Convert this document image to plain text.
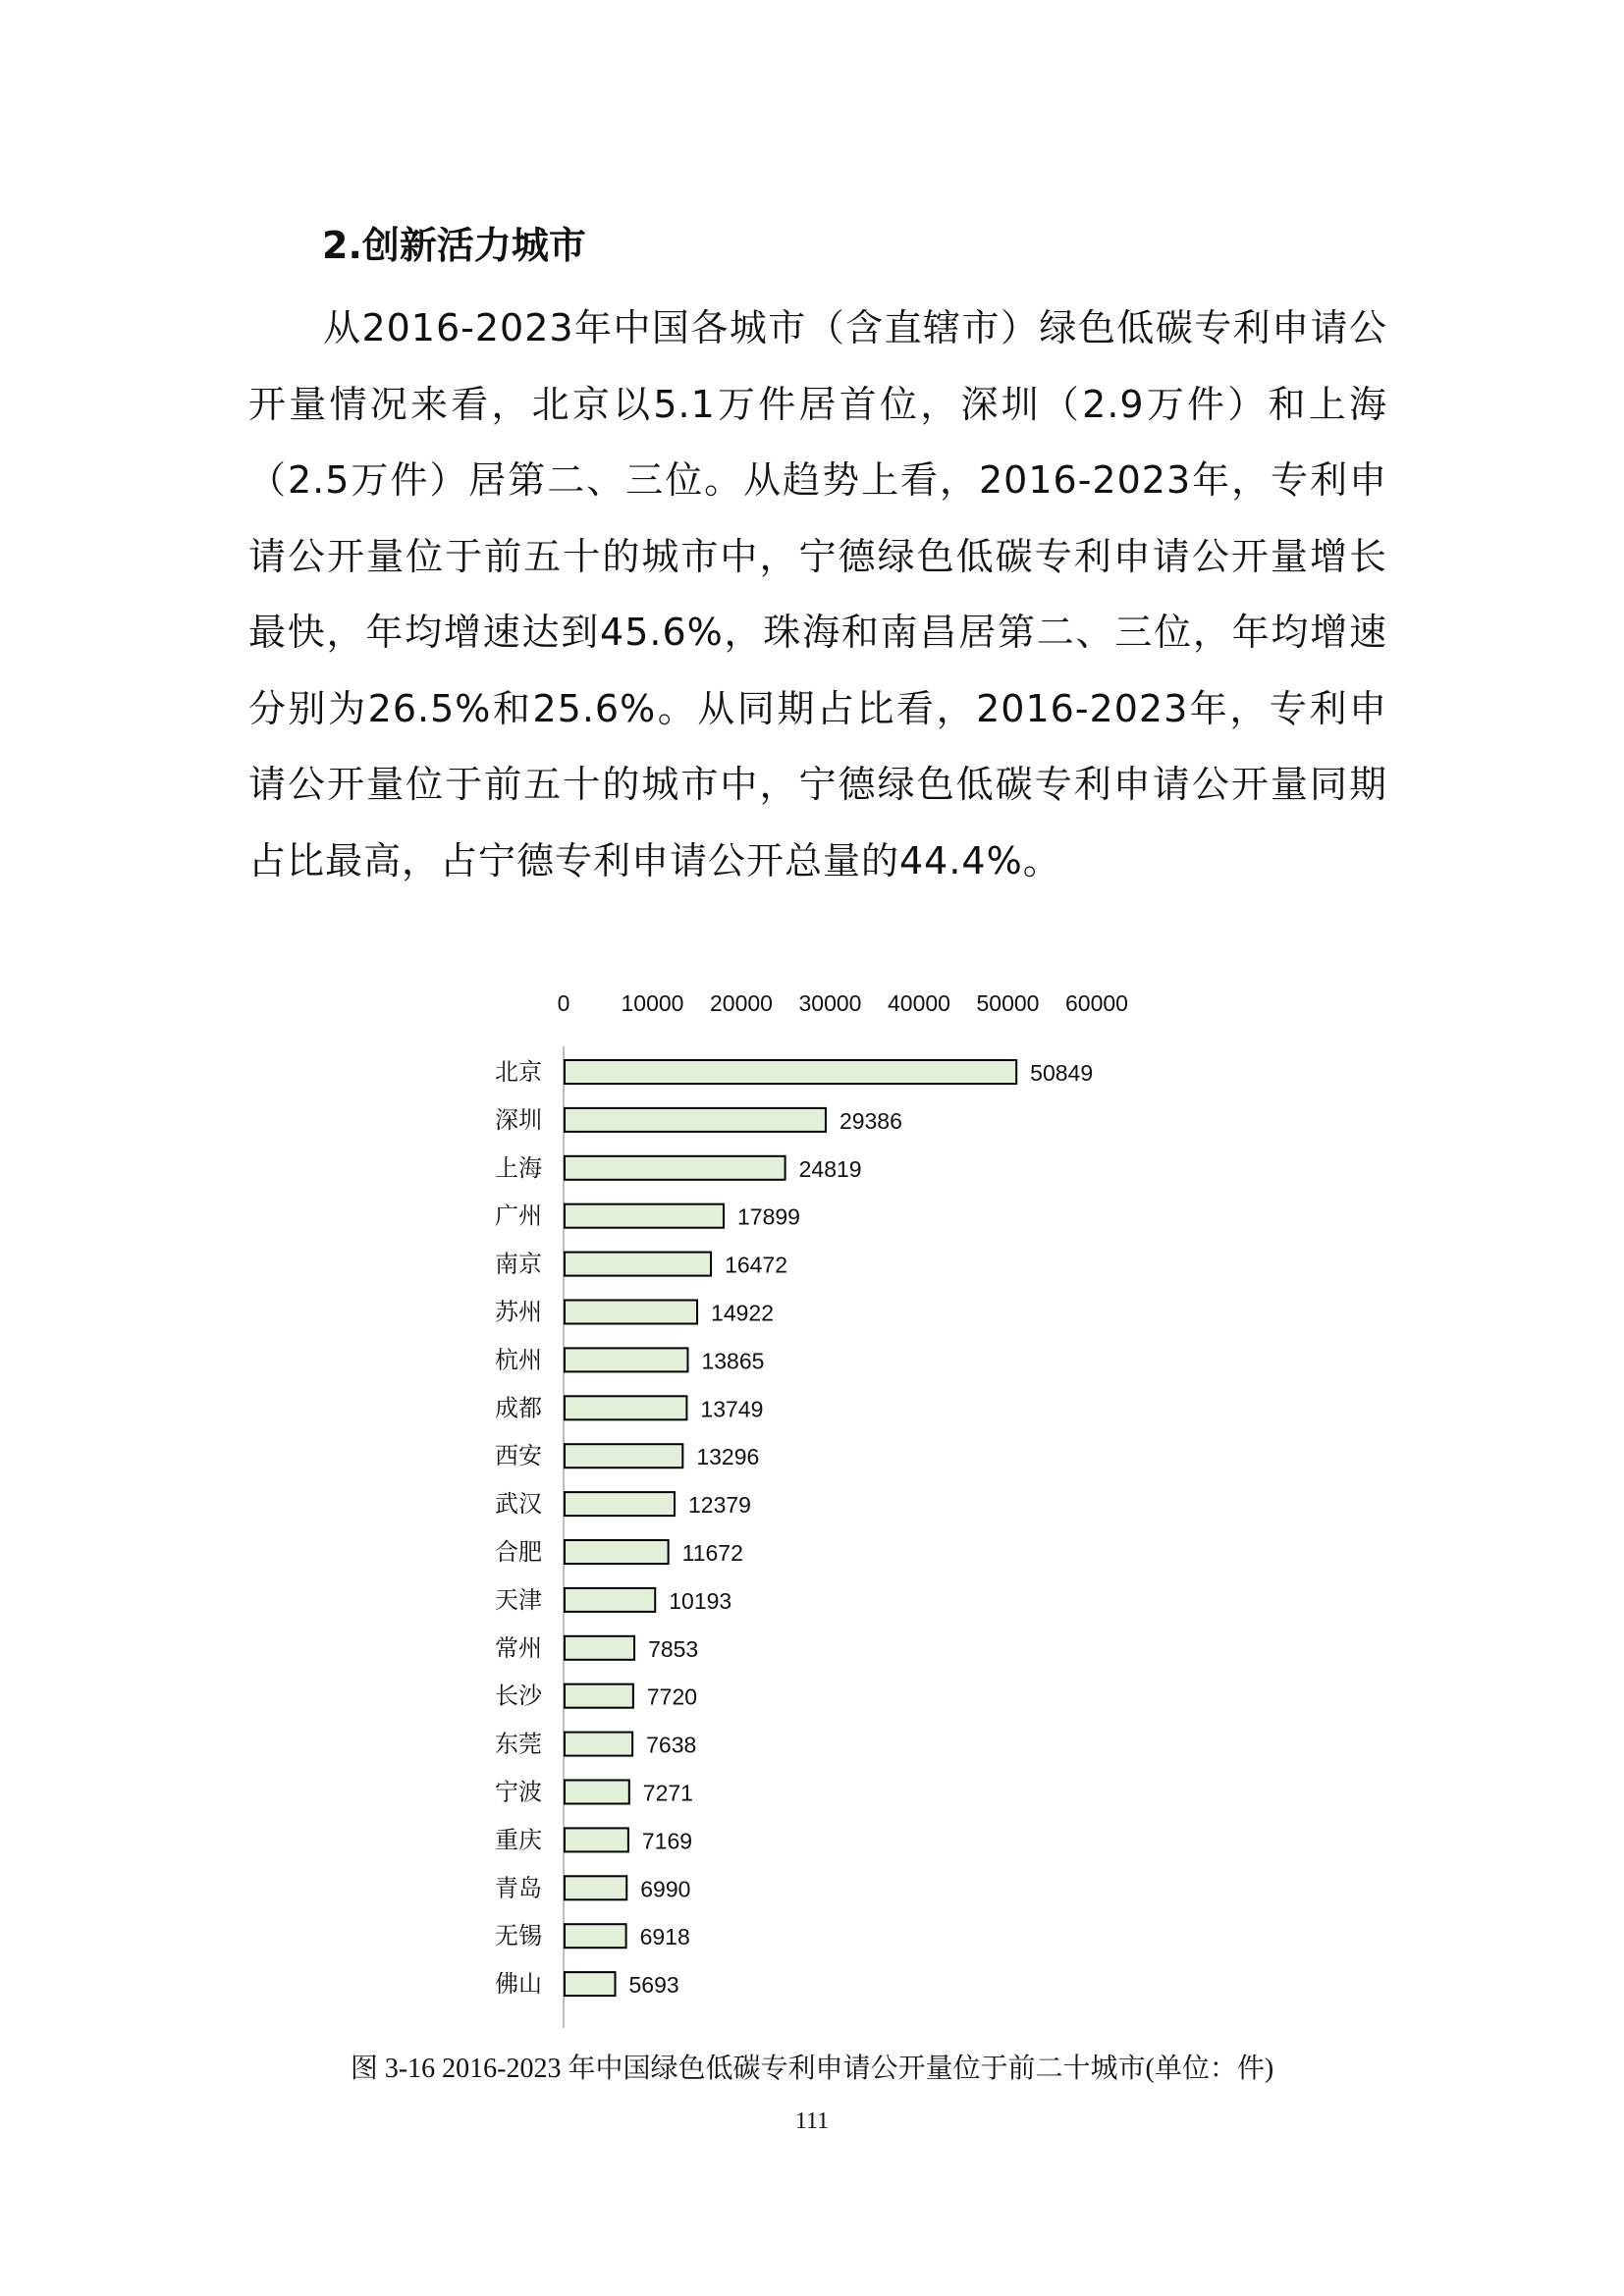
2.创新活力城市

从2016-2023年中国各城市（含直辖市）绿色低碳专利申请公开量情况来看，北京以5.1万件居首位，深圳（2.9万件）和上海（2.5万件）居第二、三位。从趋势上看，2016-2023年，专利申请公开量位于前五十的城市中，宁德绿色低碳专利申请公开量增长最快，年均增速达到45.6%，珠海和南昌居第二、三位，年均增速分别为26.5%和25.6%。从同期占比看，2016-2023年，专利申请公开量位于前五十的城市中，宁德绿色低碳专利申请公开量同期占比最高，占宁德专利申请公开总量的44.4%。

0 10000 20000 30000 40000 50000 60000
北京	50849
深圳	29386
上海	24819
广州	17899
南京	16472
苏州	14922
杭州	13865
成都	13749
西安	13296
武汉	12379
合肥	11672
天津	10193
常州	7853
长沙	7720
东莞	7638
宁波	7271
重庆	7169
青岛	6990
无锡	6918
佛山	5693

图 3-16 2016-2023 年中国绿色低碳专利申请公开量位于前二十城市(单位：件)

111
